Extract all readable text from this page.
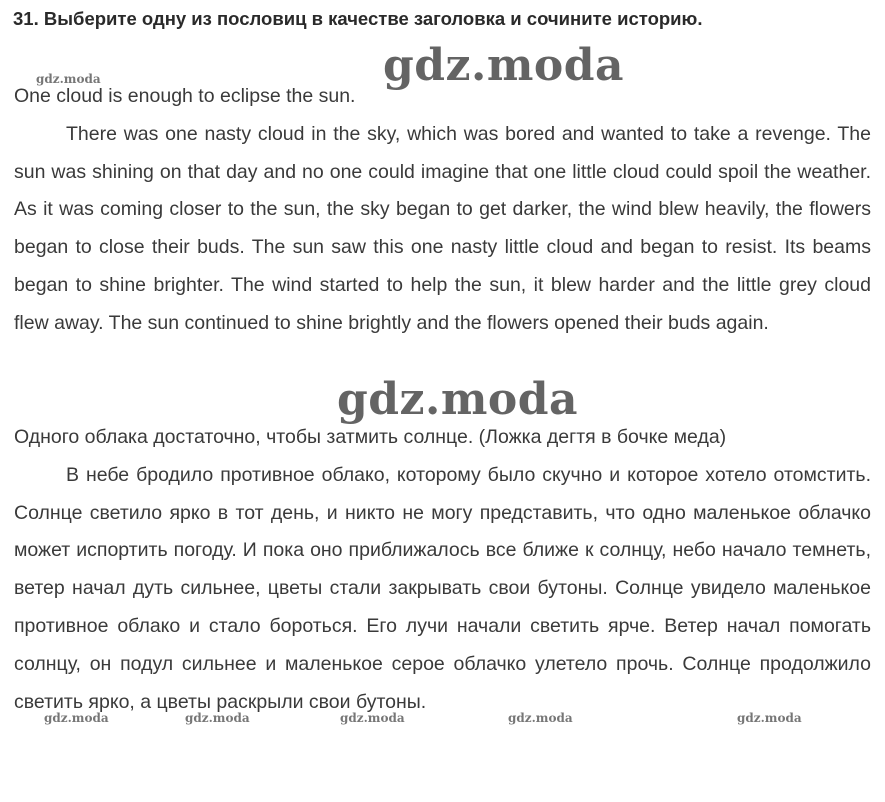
31. Выберите одну из пословиц в качестве заголовка и сочините историю.
gdz.moda	gdz.moda
One cloud is enough to eclipse the sun.

There was one nasty cloud in the sky, which was bored and wanted to take a revenge. The sun was shining on that day and no one could imagine that one little cloud could spoil the weather. As it was coming closer to the sun, the sky began to get darker, the wind blew heavily, the flowers began to close their buds. The sun saw this one nasty little cloud and began to resist. Its beams began to shine brighter. The wind started to help the sun, it blew harder and the little grey cloud flew away. The sun continued to shine brightly and the flowers opened their buds again.

gdz.moda
Одного облака достаточно, чтобы затмить солнце. (Ложка дегтя в бочке меда)

В небе бродило противное облако, которому было скучно и которое хотело отомстить. Солнце светило ярко в тот день, и никто не могу представить, что одно маленькое облачко может испортить погоду. И пока оно приближалось все ближе к солнцу, небо начало темнеть, ветер начал дуть сильнее, цветы стали закрывать свои бутоны. Солнце увидело маленькое противное облако и стало бороться. Его лучи начали светить ярче. Ветер начал помогать солнцу, он подул сильнее и маленькое серое облачко улетело прочь. Солнце продолжило светить ярко, а цветы раскрыли свои бутоны.

gdz.moda	gdz.moda	gdz.moda	gdz.moda	gdz.moda
